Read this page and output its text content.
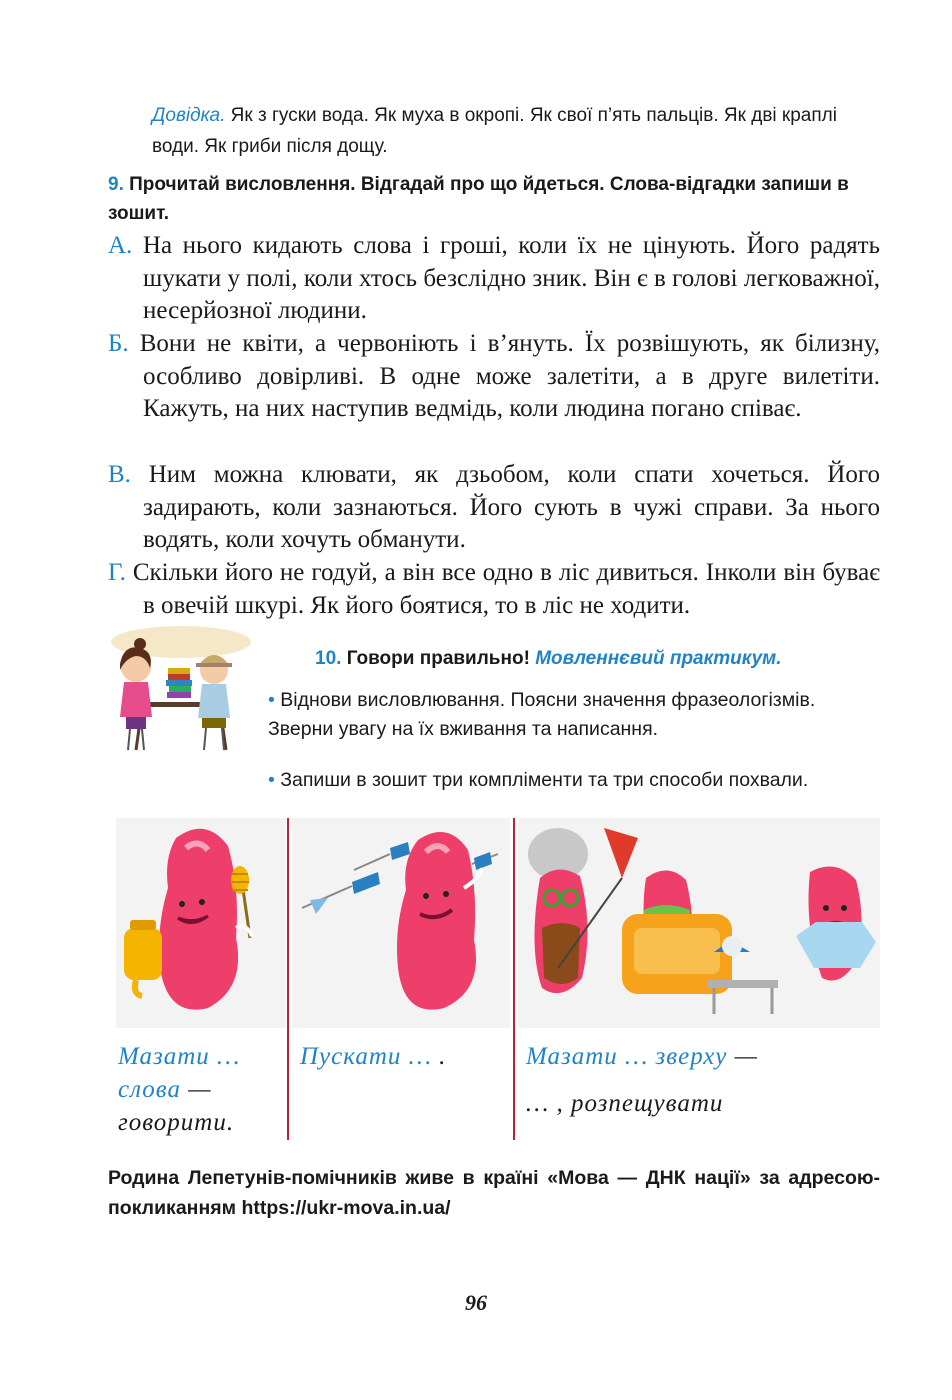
Довідка. Як з гуски вода. Як муха в окропі. Як свої п’ять пальців. Як дві краплі води. Як гриби після дощу.
9. Прочитай висловлення. Відгадай про що йдеться. Слова-відгадки запиши в зошит.
А. На нього кидають слова і гроші, коли їх не цінують. Його радять шукати у полі, коли хтось безслідно зник. Він є в голові легковажної, несерйозної людини.
Б. Вони не квіти, а червоніють і в’януть. Їх розвішують, як білизну, особливо довірливі. В одне може залетіти, а в друге вилетіти. Кажуть, на них наступив ведмідь, коли людина погано співає.
В. Ним можна клювати, як дзьобом, коли спати хочеться. Його задирають, коли зазнаються. Його сують в чужі справи. За нього водять, коли хочуть обманути.
Г. Скільки його не годуй, а він все одно в ліс дивиться. Інколи він буває в овечій шкурі. Як його боятися, то в ліс не ходити.
10. Говори правильно! Мовленнєвий практикум.
• Віднови висловлювання. Поясни значення фразеологізмів. Зверни увагу на їх вживання та написання.
• Запиши в зошит три компліменти та три способи похвали.
Мазати … слова — говорити.
Пускати … .	Мазати … зверху —
… , розпещувати
Родина Лепетунів-помічників живе в країні «Мова — ДНК нації» за адресою-покликанням https://ukr-mova.in.ua/
96
